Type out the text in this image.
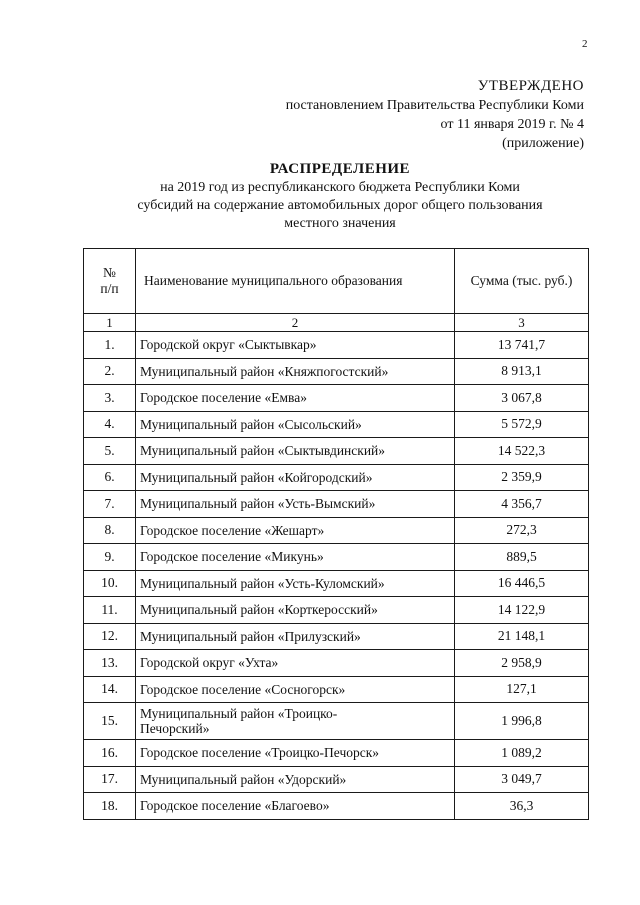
2
УТВЕРЖДЕНО
постановлением Правительства Республики Коми
от 11 января 2019 г. № 4
(приложение)
РАСПРЕДЕЛЕНИЕ
на 2019 год из республиканского бюджета Республики Коми
субсидий на содержание автомобильных дорог общего пользования
местного значения
№
п/п	Наименование муниципального образования	Сумма (тыс. руб.)
1	2	3
1.	Городской округ «Сыктывкар»	13 741,7
2.	Муниципальный район «Княжпогостский»	8 913,1
3.	Городское поселение «Емва»	3 067,8
4.	Муниципальный район «Сысольский»	5 572,9
5.	Муниципальный район «Сыктывдинский»	14 522,3
6.	Муниципальный район «Койгородский»	2 359,9
7.	Муниципальный район «Усть-Вымский»	4 356,7
8.	Городское поселение «Жешарт»	272,3
9.	Городское поселение «Микунь»	889,5
10.	Муниципальный район «Усть-Куломский»	16 446,5
11.	Муниципальный район «Корткеросский»	14 122,9
12.	Муниципальный район «Прилузский»	21 148,1
13.	Городской округ «Ухта»	2 958,9
14.	Городское поселение «Сосногорск»	127,1
15.	Муниципальный район «Троицко-
Печорский»	1 996,8
16.	Городское поселение «Троицко-Печорск»	1 089,2
17.	Муниципальный район «Удорский»	3 049,7
18.	Городское поселение «Благоево»	36,3
